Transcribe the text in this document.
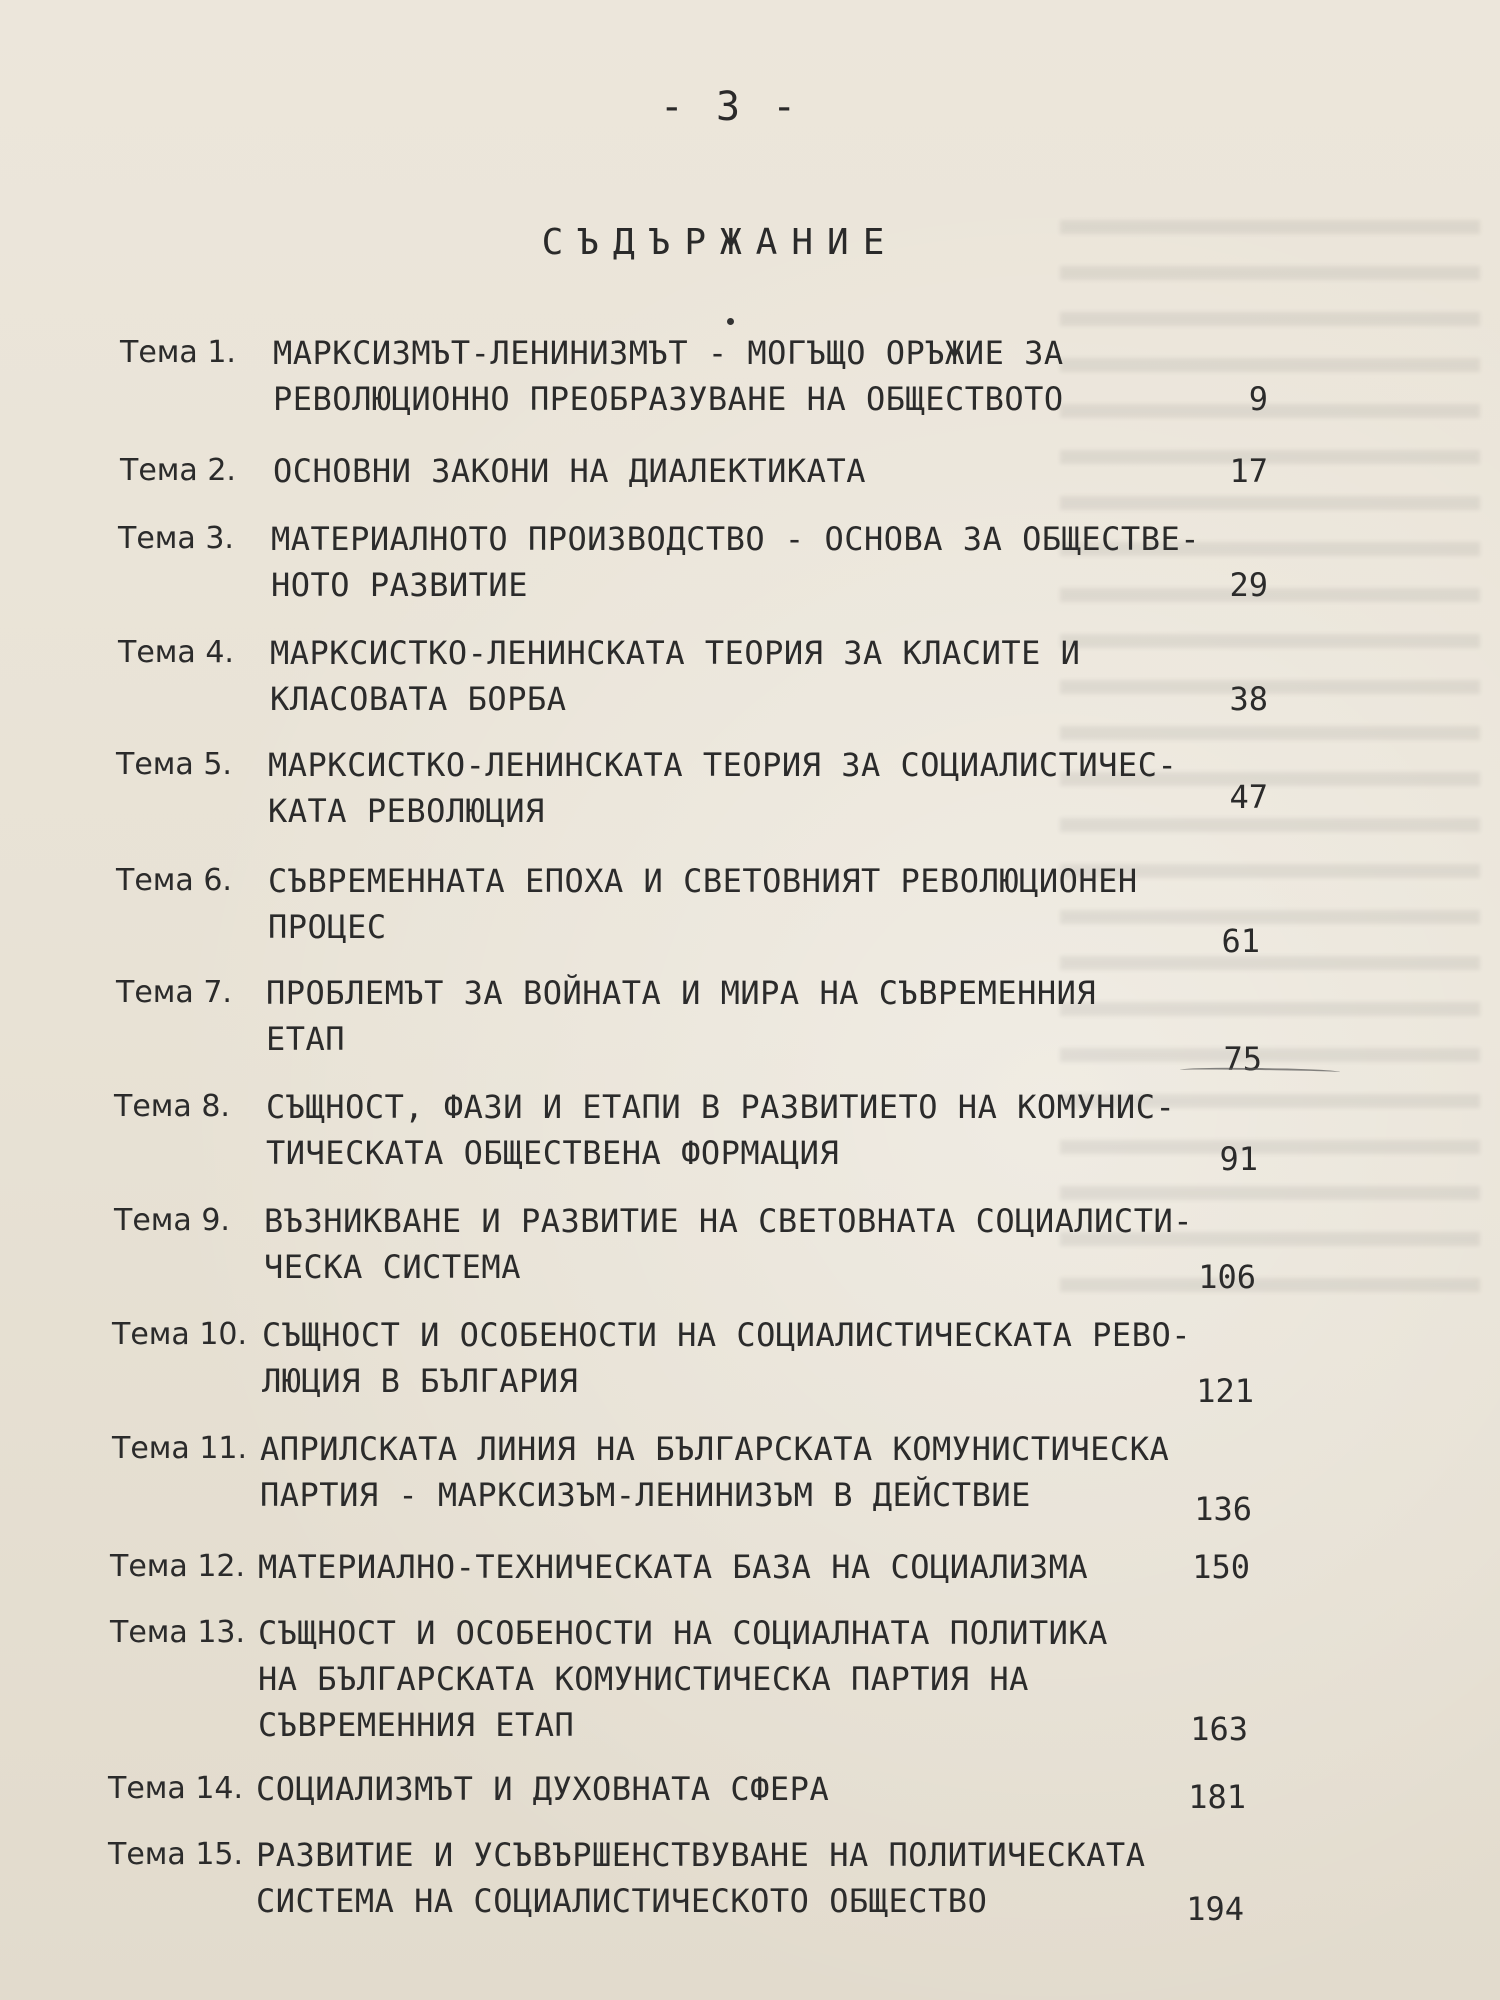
- 3 -
СЪДЪРЖАНИЕ
Тема 1.	МАРКСИЗМЪТ-ЛЕНИНИЗМЪТ - МОГЪЩО ОРЪЖИЕ ЗА
РЕВОЛЮЦИОННО ПРЕОБРАЗУВАНЕ НА ОБЩЕСТВОТО	9
Тема 2.	ОСНОВНИ ЗАКОНИ НА ДИАЛЕКТИКАТА	17
Тема 3.	МАТЕРИАЛНОТО ПРОИЗВОДСТВО - ОСНОВА ЗА ОБЩЕСТВЕ-
НОТО РАЗВИТИЕ	29
Тема 4.	МАРКСИСТКО-ЛЕНИНСКАТА ТЕОРИЯ ЗА КЛАСИТЕ И
КЛАСОВАТА БОРБА	38
Тема 5.	МАРКСИСТКО-ЛЕНИНСКАТА ТЕОРИЯ ЗА СОЦИАЛИСТИЧЕС-
КАТА РЕВОЛЮЦИЯ	47
Тема 6.	СЪВРЕМЕННАТА ЕПОХА И СВЕТОВНИЯТ РЕВОЛЮЦИОНЕН
ПРОЦЕС	61
Тема 7.	ПРОБЛЕМЪТ ЗА ВОЙНАТА И МИРА НА СЪВРЕМЕННИЯ
ЕТАП
75
Тема 8.	СЪЩНОСТ, ФАЗИ И ЕТАПИ В РАЗВИТИЕТО НА КОМУНИС-
ТИЧЕСКАТА ОБЩЕСТВЕНА ФОРМАЦИЯ	91
Тема 9.	ВЪЗНИКВАНЕ И РАЗВИТИЕ НА СВЕТОВНАТА СОЦИАЛИСТИ-
ЧЕСКА СИСТЕМА	106
Тема 10. СЪЩНОСТ И ОСОБЕНОСТИ НА СОЦИАЛИСТИЧЕСКАТА РЕВО-
ЛЮЦИЯ В БЪЛГАРИЯ	121
Тема 11. АПРИЛСКАТА ЛИНИЯ НА БЪЛГАРСКАТА КОМУНИСТИЧЕСКА
ПАРТИЯ - МАРКСИЗЪМ-ЛЕНИНИЗЪМ В ДЕЙСТВИЕ	136
Тема 12. МАТЕРИАЛНО-ТЕХНИЧЕСКАТА БАЗА НА СОЦИАЛИЗМА	150
Тема 13. СЪЩНОСТ И ОСОБЕНОСТИ НА СОЦИАЛНАТА ПОЛИТИКА
НА БЪЛГАРСКАТА КОМУНИСТИЧЕСКА ПАРТИЯ НА
СЪВРЕМЕННИЯ ЕТАП	163
Тема 14. СОЦИАЛИЗМЪТ И ДУХОВНАТА СФЕРА	181
Тема 15. РАЗВИТИЕ И УСЪВЪРШЕНСТВУВАНЕ НА ПОЛИТИЧЕСКАТА
СИСТЕМА НА СОЦИАЛИСТИЧЕСКОТО ОБЩЕСТВО	194
